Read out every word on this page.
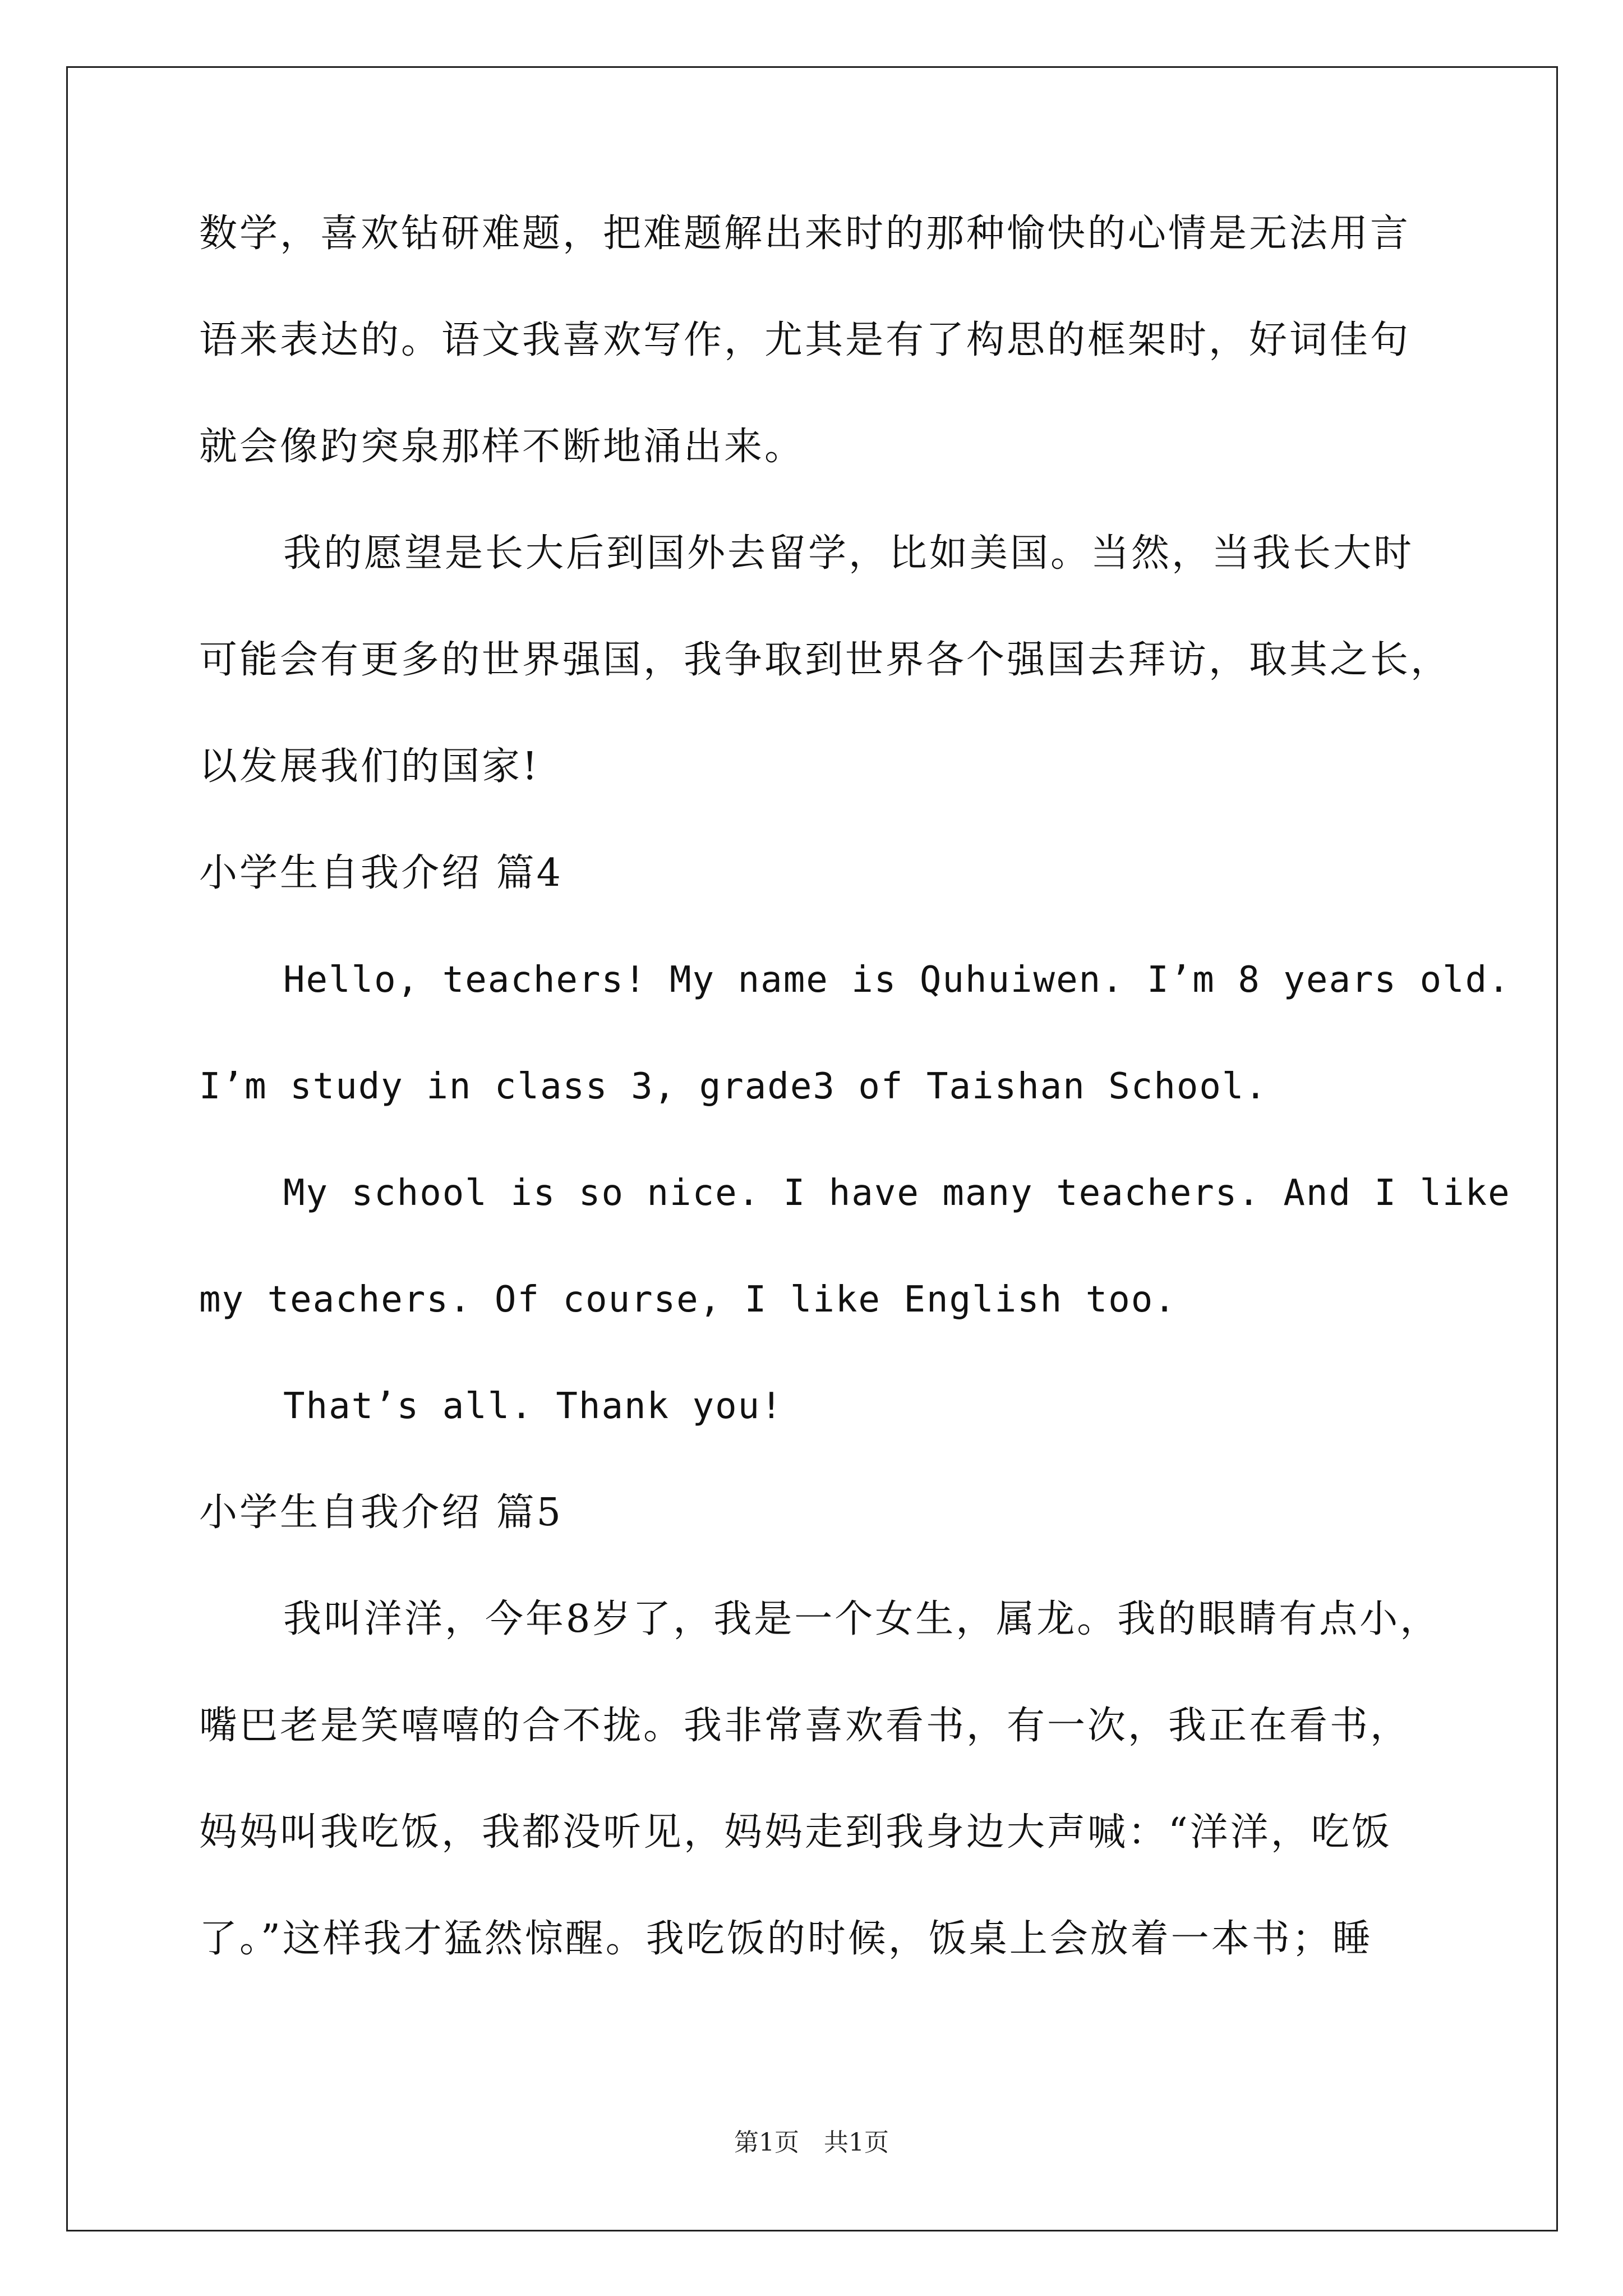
数学，喜欢钻研难题，把难题解出来时的那种愉快的心情是无法用言
语来表达的。语文我喜欢写作，尤其是有了构思的框架时，好词佳句
就会像趵突泉那样不断地涌出来。
我的愿望是长大后到国外去留学，比如美国。当然，当我长大时
可能会有更多的世界强国，我争取到世界各个强国去拜访，取其之长，
以发展我们的国家!
小学生自我介绍 篇4
Hello, teachers! My name is Quhuiwen. I’m 8 years old.
I’m study in class 3, grade3 of Taishan School.
My school is so nice. I have many teachers. And I like
my teachers. Of course, I like English too.
That’s all. Thank you!
小学生自我介绍 篇5
我叫洋洋，今年8岁了，我是一个女生，属龙。我的眼睛有点小，
嘴巴老是笑嘻嘻的合不拢。我非常喜欢看书，有一次，我正在看书，
妈妈叫我吃饭，我都没听见，妈妈走到我身边大声喊：“洋洋，吃饭
了。”这样我才猛然惊醒。我吃饭的时候，饭桌上会放着一本书；睡
第1页　共1页
